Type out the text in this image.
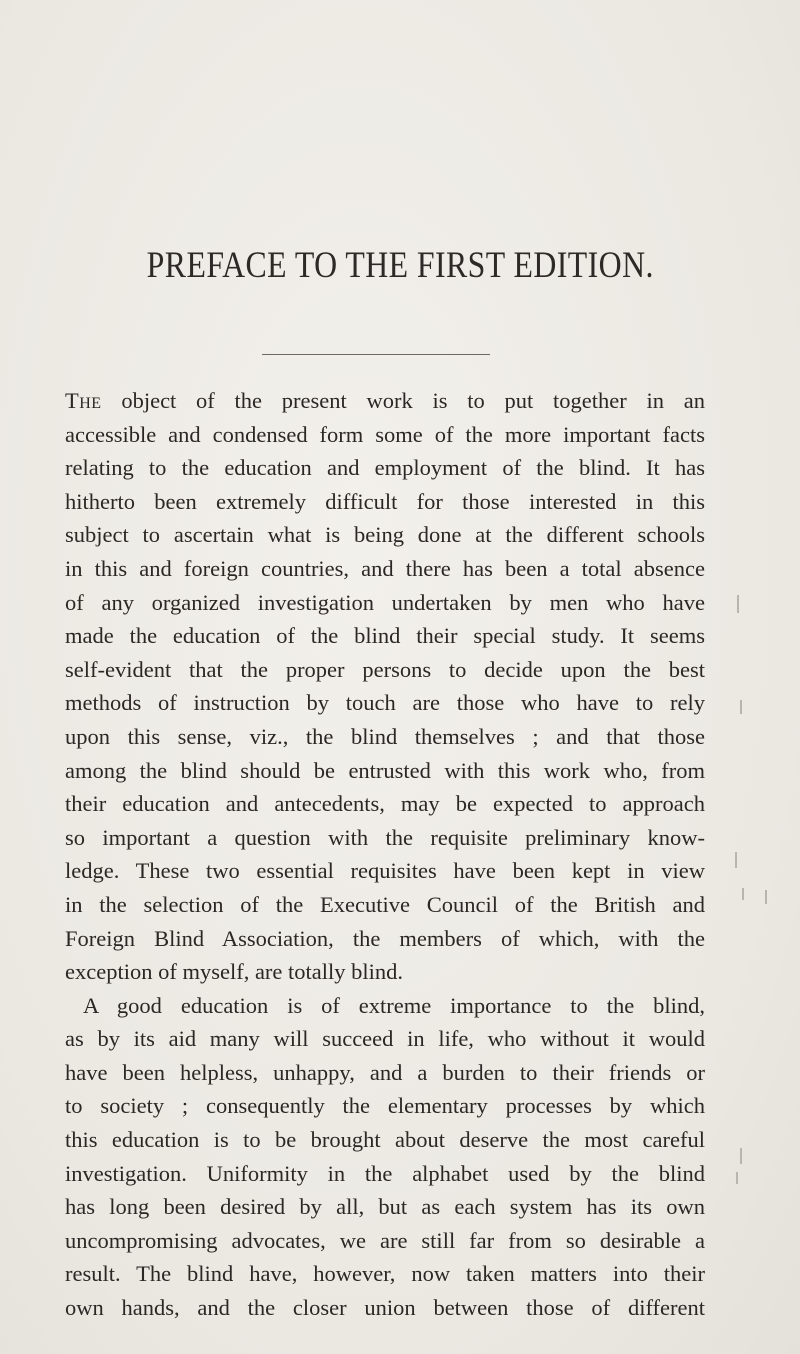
PREFACE TO THE FIRST EDITION.

The object of the present work is to put together in an

accessible and condensed form some of the more important facts

relating to the education and employment of the blind. It has

hitherto been extremely difficult for those interested in this

subject to ascertain what is being done at the different schools

in this and foreign countries, and there has been a total absence

of any organized investigation undertaken by men who have

made the education of the blind their special study. It seems

self-evident that the proper persons to decide upon the best

methods of instruction by touch are those who have to rely

upon this sense, viz., the blind themselves ; and that those

among the blind should be entrusted with this work who, from

their education and antecedents, may be expected to approach

so important a question with the requisite preliminary know-

ledge. These two essential requisites have been kept in view

in the selection of the Executive Council of the British and

Foreign Blind Association, the members of which, with the

exception of myself, are totally blind.

A good education is of extreme importance to the blind,

as by its aid many will succeed in life, who without it would

have been helpless, unhappy, and a burden to their friends or

to society ; consequently the elementary processes by which

this education is to be brought about deserve the most careful

investigation. Uniformity in the alphabet used by the blind

has long been desired by all, but as each system has its own

uncompromising advocates, we are still far from so desirable a

result. The blind have, however, now taken matters into their

own hands, and the closer union between those of different
